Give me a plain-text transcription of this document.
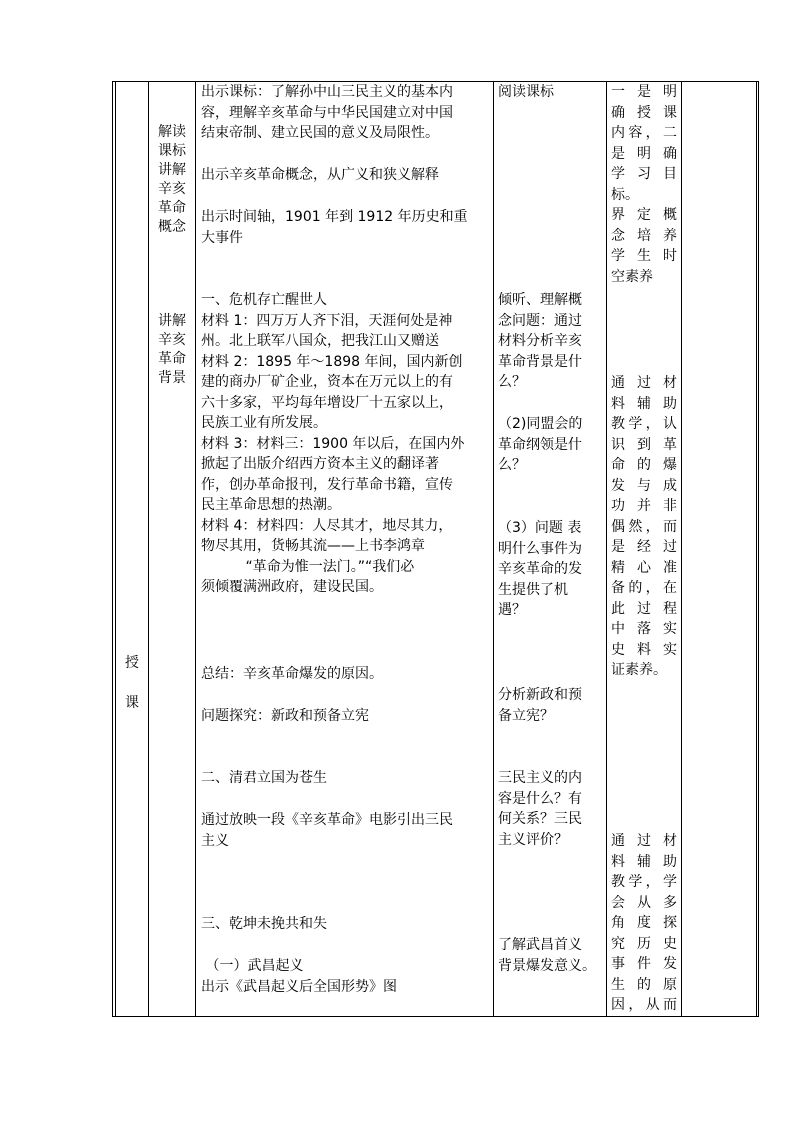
授
课
解读
课标
讲解
辛亥
革命
概念
讲解
辛亥
革命
背景
出示课标：了解孙中山三民主义的基本内
容，理解辛亥革命与中华民国建立对中国
结束帝制、建立民国的意义及局限性。
出示辛亥革命概念，从广义和狭义解释
出示时间轴，1901 年到 1912 年历史和重
大事件
一、危机存亡醒世人
材料 1：四万万人齐下泪，天涯何处是神
州。北上联军八国众，把我江山又赠送
材料 2：1895 年～1898 年间，国内新创
建的商办厂矿企业，资本在万元以上的有
六十多家，平均每年增设厂十五家以上，
民族工业有所发展。
材料 3：材料三：1900 年以后，在国内外
掀起了出版介绍西方资本主义的翻译著
作，创办革命报刊，发行革命书籍，宣传
民主革命思想的热潮。
材料 4：材料四：人尽其才，地尽其力，
物尽其用，货畅其流——上书李鸿章
“革命为惟一法门。”“我们必
须倾覆满洲政府，建设民国。
总结：辛亥革命爆发的原因。
问题探究：新政和预备立宪
二、清君立国为苍生
通过放映一段《辛亥革命》电影引出三民
主义
三、乾坤未挽共和失
（一）武昌起义
出示《武昌起义后全国形势》图
阅读课标
倾听、理解概
念问题：通过
材料分析辛亥
革命背景是什
么？
（2)同盟会的
革命纲领是什
么？
（3）问题 表
明什么事件为
辛亥革命的发
生提供了机
遇？
分析新政和预
备立宪？
三民主义的内
容是什么？有
何关系？三民
主义评价？
了解武昌首义
背景爆发意义。
一 是 明
确 授 课
内容，二
是 明 确
学 习 目
标。
界 定 概
念 培 养
学 生 时
空素养
通 过 材
料 辅 助
教学，认
识 到 革
命 的 爆
发 与 成
功 并 非
偶然，而
是 经 过
精 心 准
备的，在
此 过 程
中 落 实
史 料 实
证素养。
通 过 材
料 辅 助
教学，学
会 从 多
角 度 探
究 历 史
事 件 发
生 的 原
因，从而
